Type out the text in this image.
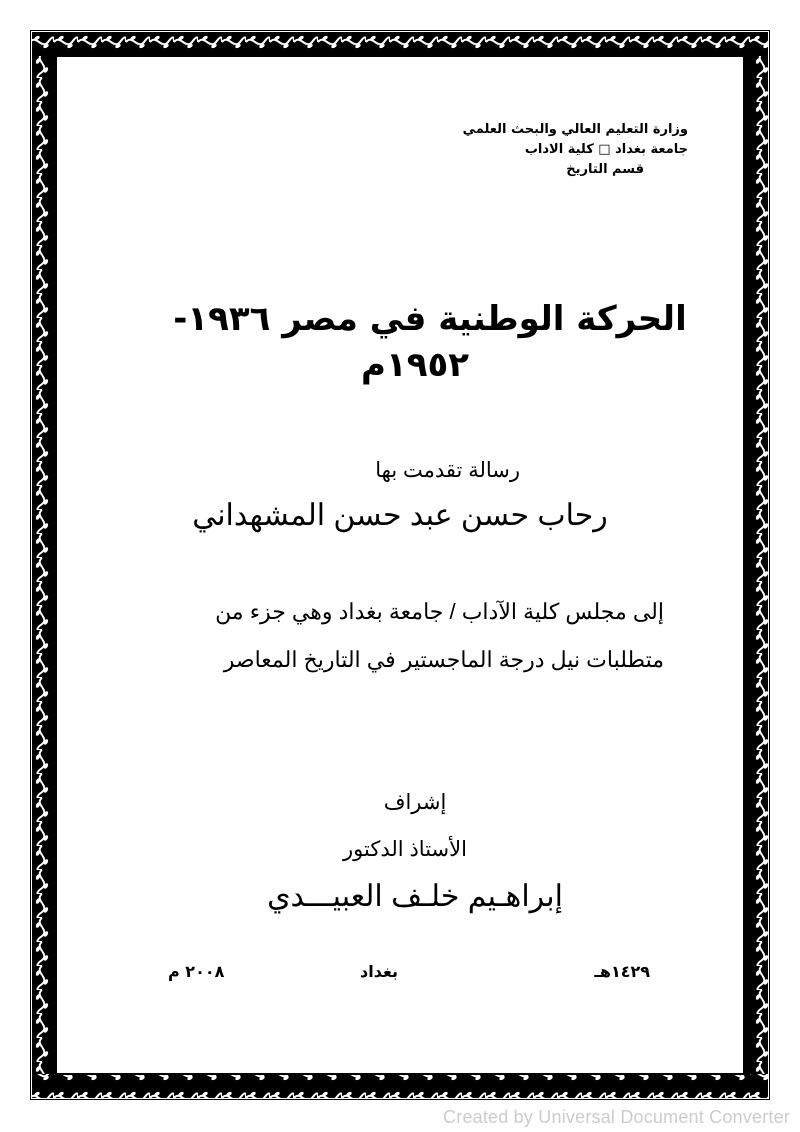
وزارة التعليم العالي والبحث العلمي
جامعة بغداد □ كلية الاداب
قسم التاريخ
الحركة الوطنية في مصر ١٩٣٦-
١٩٥٢م
رسالة تقدمت بها
رحاب حسن عبد حسن المشهداني
إلى مجلس كلية الآداب / جامعة بغداد وهي جزء من
متطلبات نيل درجة الماجستير في التاريخ المعاصر
إشراف
الأستاذ الدكتور
إبراهـيم خلـف العبيـــدي
١٤٢٩هـ
بغداد
٢٠٠٨ م
Created by Universal Document Converter
